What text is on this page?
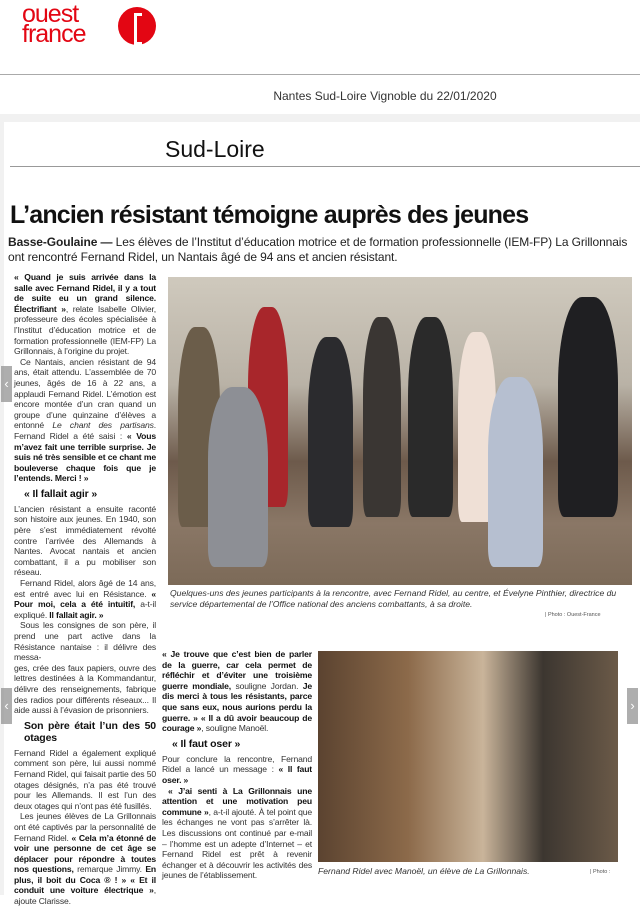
ouest
france
Nantes Sud-Loire Vignoble du 22/01/2020
Sud-Loire
L’ancien résistant témoigne auprès des jeunes

Basse-Goulaine — Les élèves de l’Institut d’éducation motrice et de formation professionnelle (IEM-FP) La Grillonnais ont rencontré Fernand Ridel, un Nantais âgé de 94 ans et ancien résistant.

« Quand je suis arrivée dans la salle avec Fernand Ridel, il y a tout de suite eu un grand silence. Électrifiant », relate Isabelle Olivier, professeure des écoles spécialisée à l’Institut d’éducation motrice et de formation professionnelle (IEM-FP) La Grillonnais, à l’origine du projet.

Ce Nantais, ancien résistant de 94 ans, était attendu. L’assemblée de 70 jeunes, âgés de 16 à 22 ans, a applaudi Fernand Ridel. L’émotion est encore montée d’un cran quand un groupe d’une quinzaine d’élèves a entonné Le chant des partisans. Fernand Ridel a été saisi : « Vous m’avez fait une terrible surprise. Je suis né très sensible et ce chant me bouleverse chaque fois que je l’entends. Merci ! »

« Il fallait agir »

L’ancien résistant a ensuite raconté son histoire aux jeunes. En 1940, son père s’est immédiatement révolté contre l’arrivée des Allemands à Nantes. Avocat nantais et ancien combattant, il a pu mobiliser son réseau.

Fernand Ridel, alors âgé de 14 ans, est entré avec lui en Résistance. « Pour moi, cela a été intuitif, a-t-il expliqué. Il fallait agir. »

Sous les consignes de son père, il prend une part active dans la Résistance nantaise : il délivre des messa-

ges, crée des faux papiers, ouvre des lettres destinées à la Kommandantur, délivre des renseignements, fabrique des radios pour différents réseaux... Il aide aussi à l’évasion de prisonniers.

Son père était l’un des 50 otages

Fernand Ridel a également expliqué comment son père, lui aussi nommé Fernand Ridel, qui faisait partie des 50 otages désignés, n’a pas été trouvé pour les Allemands. Il est l’un des deux otages qui n’ont pas été fusillés.

Les jeunes élèves de La Grillonnais ont été captivés par la personnalité de Fernand Ridel. « Cela m’a étonné de voir une personne de cet âge se déplacer pour répondre à toutes nos questions, remarque Jimmy. En plus, il boit du Coca ® ! » « Et il conduit une voiture électrique », ajoute Clarisse.

« Je trouve que c’est bien de parler de la guerre, car cela permet de réfléchir et d’éviter une troisième guerre mondiale, souligne Jordan. Je dis merci à tous les résistants, parce que sans eux, nous aurions perdu la guerre. » « Il a dû avoir beaucoup de courage », souligne Manoël.

« Il faut oser »

Pour conclure la rencontre, Fernand Ridel a lancé un message : « Il faut oser. »

« J’ai senti à La Grillonnais une attention et une motivation peu commune », a-t-il ajouté. À tel point que les échanges ne vont pas s’arrêter là. Les discussions ont continué par e-mail – l’homme est un adepte d’Internet – et Fernand Ridel est prêt à revenir échanger et à découvrir les activités des jeunes de l’établissement.

Quelques-uns des jeunes participants à la rencontre, avec Fernand Ridel, au centre, et Évelyne Pinthier, directrice du service départemental de l’Office national des anciens combattants, à sa droite.
| Photo : Ouest-France
Fernand Ridel avec Manoël, un élève de La Grillonnais.	| Photo :
‹
‹	›
